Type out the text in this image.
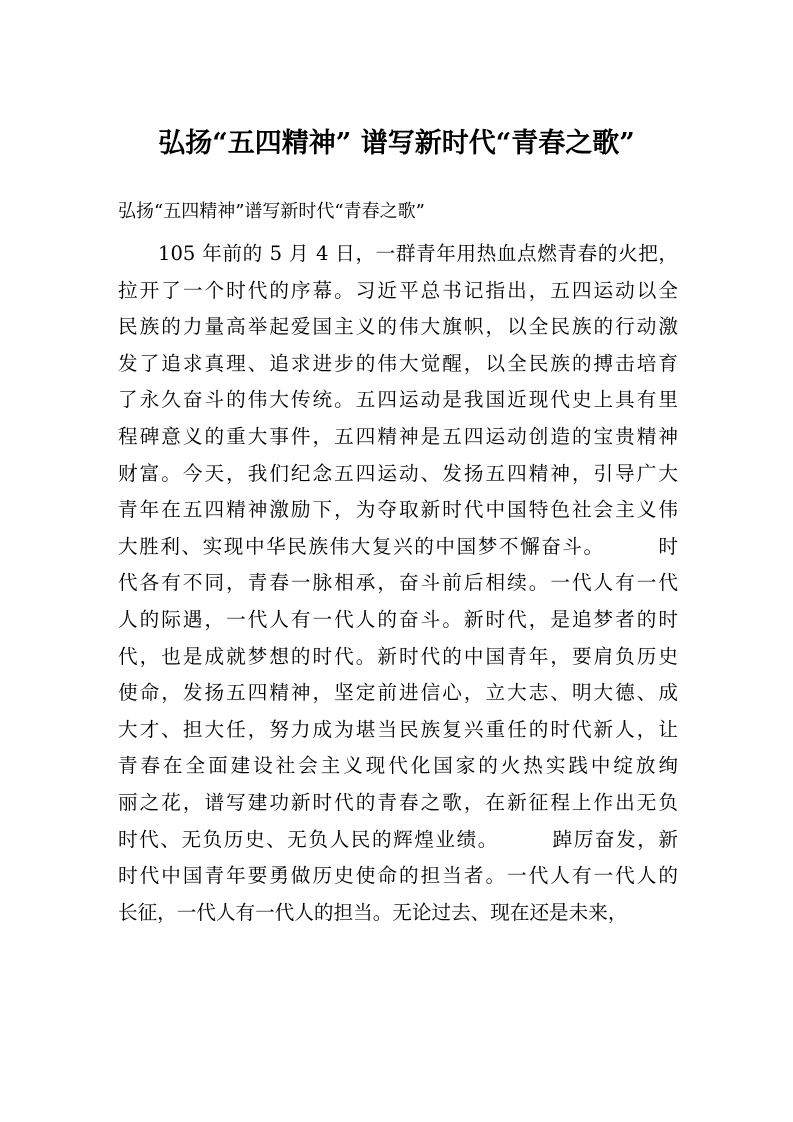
弘扬“五四精神” 谱写新时代“青春之歌”
弘扬“五四精神”谱写新时代“青春之歌”
105 年前的 5 月 4 日，一群青年用热血点燃青春的火把，
拉开了一个时代的序幕。习近平总书记指出，五四运动以全
民族的力量高举起爱国主义的伟大旗帜，以全民族的行动激
发了追求真理、追求进步的伟大觉醒，以全民族的搏击培育
了永久奋斗的伟大传统。五四运动是我国近现代史上具有里
程碑意义的重大事件，五四精神是五四运动创造的宝贵精神
财富。今天，我们纪念五四运动、发扬五四精神，引导广大
青年在五四精神激励下，为夺取新时代中国特色社会主义伟
大胜利、实现中华民族伟大复兴的中国梦不懈奋斗。　　　时
代各有不同，青春一脉相承，奋斗前后相续。一代人有一代
人的际遇，一代人有一代人的奋斗。新时代，是追梦者的时
代，也是成就梦想的时代。新时代的中国青年，要肩负历史
使命，发扬五四精神，坚定前进信心，立大志、明大德、成
大才、担大任，努力成为堪当民族复兴重任的时代新人，让
青春在全面建设社会主义现代化国家的火热实践中绽放绚
丽之花，谱写建功新时代的青春之歌，在新征程上作出无负
时代、无负历史、无负人民的辉煌业绩。　　　踔厉奋发，新
时代中国青年要勇做历史使命的担当者。一代人有一代人的
长征，一代人有一代人的担当。无论过去、现在还是未来，
